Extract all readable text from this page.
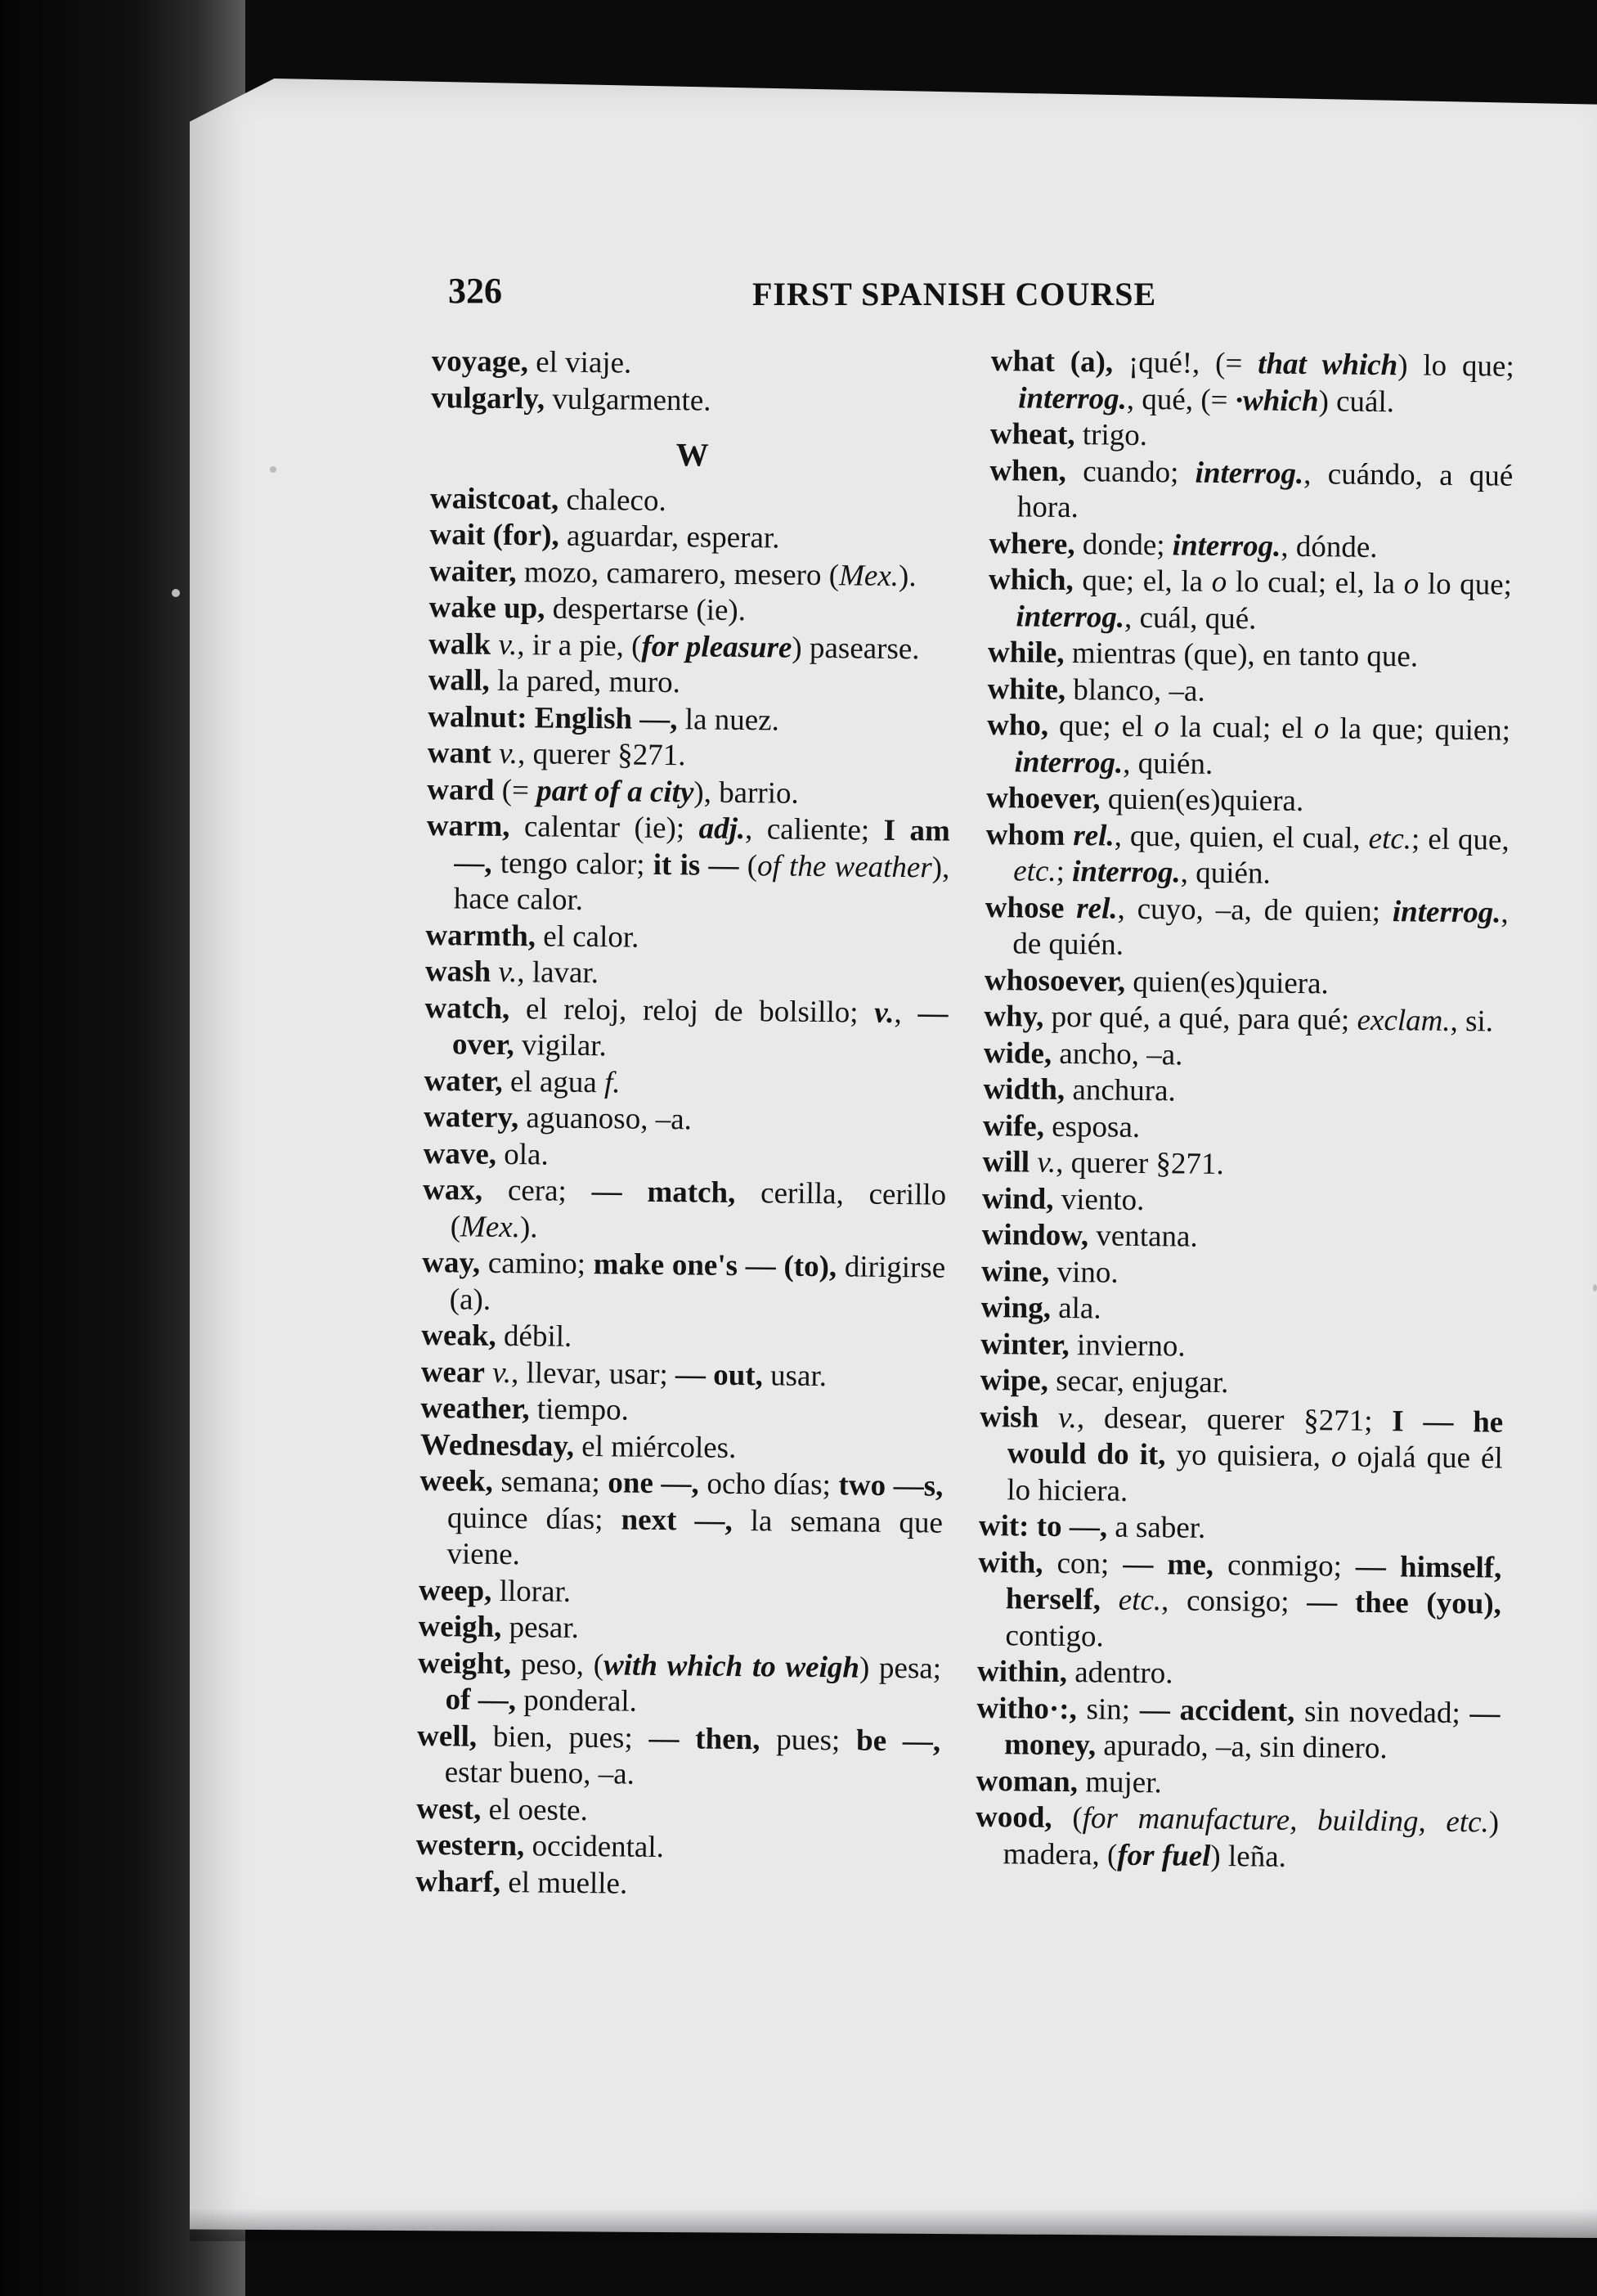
326	FIRST SPANISH COURSE

voyage, el viaje.

vulgarly, vulgarmente.

W

waistcoat, chaleco.

wait (for), aguardar, esperar.

waiter, mozo, camarero, mesero (Mex.).

wake up, despertarse (ie).

walk v., ir a pie, (for pleasure) pasearse.

wall, la pared, muro.

walnut: English —, la nuez.

want v., querer §271.

ward (= part of a city), barrio.

warm, calentar (ie); adj., caliente; I am —, tengo calor; it is — (of the weather), hace calor.

warmth, el calor.

wash v., lavar.

watch, el reloj, reloj de bolsillo; v., — over, vigilar.

water, el agua f.

watery, aguanoso, –a.

wave, ola.

wax, cera; — match, cerilla, cerillo (Mex.).

way, camino; make one's — (to), dirigirse (a).

weak, débil.

wear v., llevar, usar; — out, usar.

weather, tiempo.

Wednesday, el miércoles.

week, semana; one —, ocho días; two —s, quince días; next —, la semana que viene.

weep, llorar.

weigh, pesar.

weight, peso, (with which to weigh) pesa; of —, ponderal.

well, bien, pues; — then, pues; be —, estar bueno, –a.

west, el oeste.

western, occidental.

wharf, el muelle.

what (a), ¡qué!, (= that which) lo que; interrog., qué, (= ·which) cuál.

wheat, trigo.

when, cuando; interrog., cuándo, a qué hora.

where, donde; interrog., dónde.

which, que; el, la o lo cual; el, la o lo que; interrog., cuál, qué.

while, mientras (que), en tanto que.

white, blanco, –a.

who, que; el o la cual; el o la que; quien; interrog., quién.

whoever, quien(es)quiera.

whom rel., que, quien, el cual, etc.; el que, etc.; interrog., quién.

whose rel., cuyo, –a, de quien; interrog., de quién.

whosoever, quien(es)quiera.

why, por qué, a qué, para qué; exclam., si.

wide, ancho, –a.

width, anchura.

wife, esposa.

will v., querer §271.

wind, viento.

window, ventana.

wine, vino.

wing, ala.

winter, invierno.

wipe, secar, enjugar.

wish v., desear, querer §271; I — he would do it, yo quisiera, o ojalá que él lo hiciera.

wit: to —, a saber.

with, con; — me, conmigo; — himself, herself, etc., consigo; — thee (you), contigo.

within, adentro.

witho·:, sin; — accident, sin novedad; — money, apurado, –a, sin dinero.

woman, mujer.

wood, (for manufacture, building, etc.) madera, (for fuel) leña.
